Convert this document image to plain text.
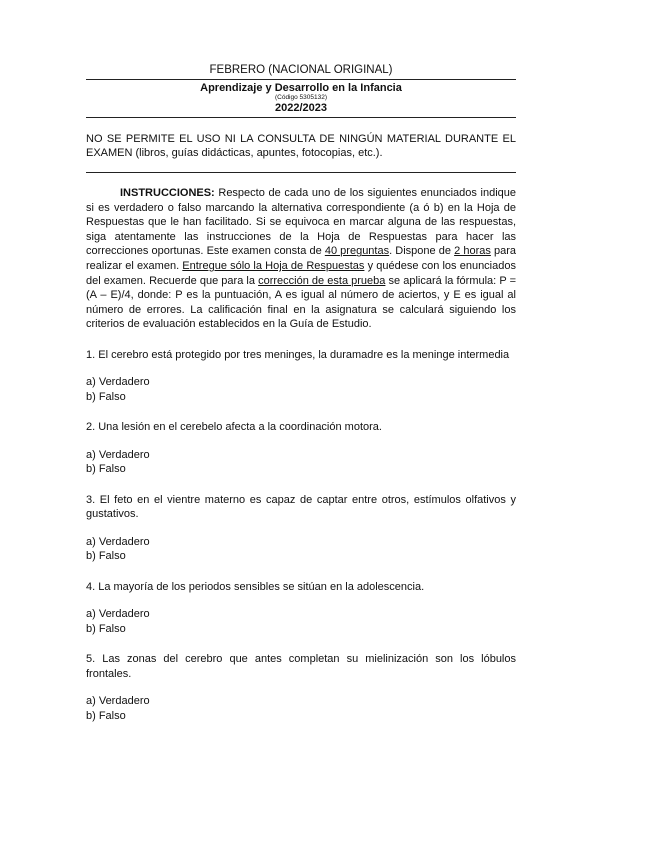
FEBRERO (NACIONAL ORIGINAL)
Aprendizaje y Desarrollo en la Infancia
(Código 5305132)
2022/2023
NO SE PERMITE EL USO NI LA CONSULTA DE NINGÚN MATERIAL DURANTE EL EXAMEN (libros, guías didácticas, apuntes, fotocopias, etc.).
INSTRUCCIONES: Respecto de cada uno de los siguientes enunciados indique si es verdadero o falso marcando la alternativa correspondiente (a ó b) en la Hoja de Respuestas que le han facilitado. Si se equivoca en marcar alguna de las respuestas, siga atentamente las instrucciones de la Hoja de Respuestas para hacer las correcciones oportunas. Este examen consta de 40 preguntas. Dispone de 2 horas para realizar el examen. Entregue sólo la Hoja de Respuestas y quédese con los enunciados del examen. Recuerde que para la corrección de esta prueba se aplicará la fórmula: P = (A – E)/4, donde: P es la puntuación, A es igual al número de aciertos, y E es igual al número de errores. La calificación final en la asignatura se calculará siguiendo los criterios de evaluación establecidos en la Guía de Estudio.
1. El cerebro está protegido por tres meninges, la duramadre es la meninge intermedia
a) Verdadero
b) Falso
2. Una lesión en el cerebelo afecta a la coordinación motora.
a) Verdadero
b) Falso
3. El feto en el vientre materno es capaz de captar entre otros, estímulos olfativos y gustativos.
a) Verdadero
b) Falso
4. La mayoría de los periodos sensibles se sitúan en la adolescencia.
a) Verdadero
b) Falso
5. Las zonas del cerebro que antes completan su mielinización son los lóbulos frontales.
a) Verdadero
b) Falso
